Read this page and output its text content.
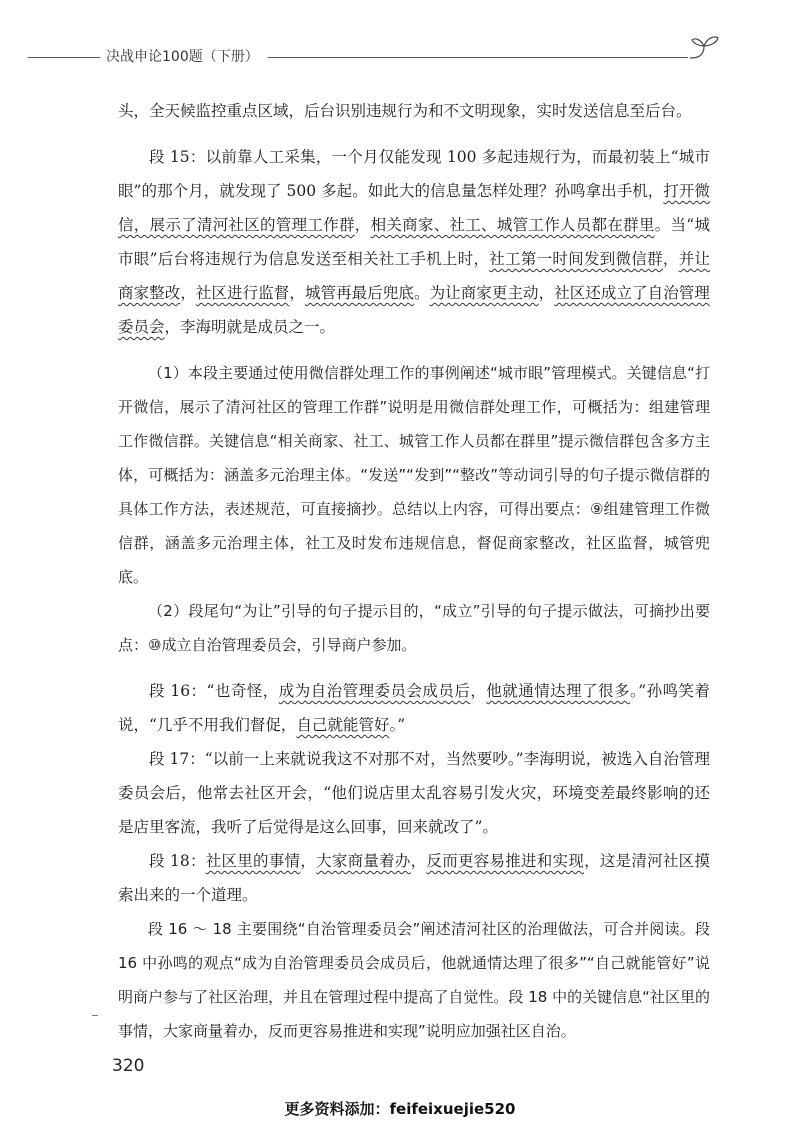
决战申论100题（下册）

头，全天候监控重点区域，后台识别违规行为和不文明现象，实时发送信息至后台。

段 15：以前靠人工采集，一个月仅能发现 100 多起违规行为，而最初装上“城市眼”的那个月，就发现了 500 多起。如此大的信息量怎样处理？孙鸣拿出手机，打开微信，展示了清河社区的管理工作群，相关商家、社工、城管工作人员都在群里。当“城市眼”后台将违规行为信息发送至相关社工手机上时，社工第一时间发到微信群，并让商家整改，社区进行监督，城管再最后兜底。为让商家更主动，社区还成立了自治管理委员会，李海明就是成员之一。

（1）本段主要通过使用微信群处理工作的事例阐述“城市眼”管理模式。关键信息“打开微信，展示了清河社区的管理工作群”说明是用微信群处理工作，可概括为：组建管理工作微信群。关键信息“相关商家、社工、城管工作人员都在群里”提示微信群包含多方主体，可概括为：涵盖多元治理主体。“发送”“发到”“整改”等动词引导的句子提示微信群的具体工作方法，表述规范，可直接摘抄。总结以上内容，可得出要点：⑨组建管理工作微信群，涵盖多元治理主体，社工及时发布违规信息，督促商家整改，社区监督，城管兜底。

（2）段尾句“为让”引导的句子提示目的，“成立”引导的句子提示做法，可摘抄出要点：⑩成立自治管理委员会，引导商户参加。

段 16：“也奇怪，成为自治管理委员会成员后，他就通情达理了很多。”孙鸣笑着说，“几乎不用我们督促，自己就能管好。”

段 17：“以前一上来就说我这不对那不对，当然要吵。”李海明说，被选入自治管理委员会后，他常去社区开会，“他们说店里太乱容易引发火灾，环境变差最终影响的还是店里客流，我听了后觉得是这么回事，回来就改了”。

段 18：社区里的事情，大家商量着办，反而更容易推进和实现，这是清河社区摸索出来的一个道理。

段 16 ～ 18 主要围绕“自治管理委员会”阐述清河社区的治理做法，可合并阅读。段 16 中孙鸣的观点“成为自治管理委员会成员后，他就通情达理了很多”“自己就能管好”说明商户参与了社区治理，并且在管理过程中提高了自觉性。段 18 中的关键信息“社区里的事情，大家商量着办，反而更容易推进和实现”说明应加强社区自治。

320
更多资料添加：feifeixuejie520
